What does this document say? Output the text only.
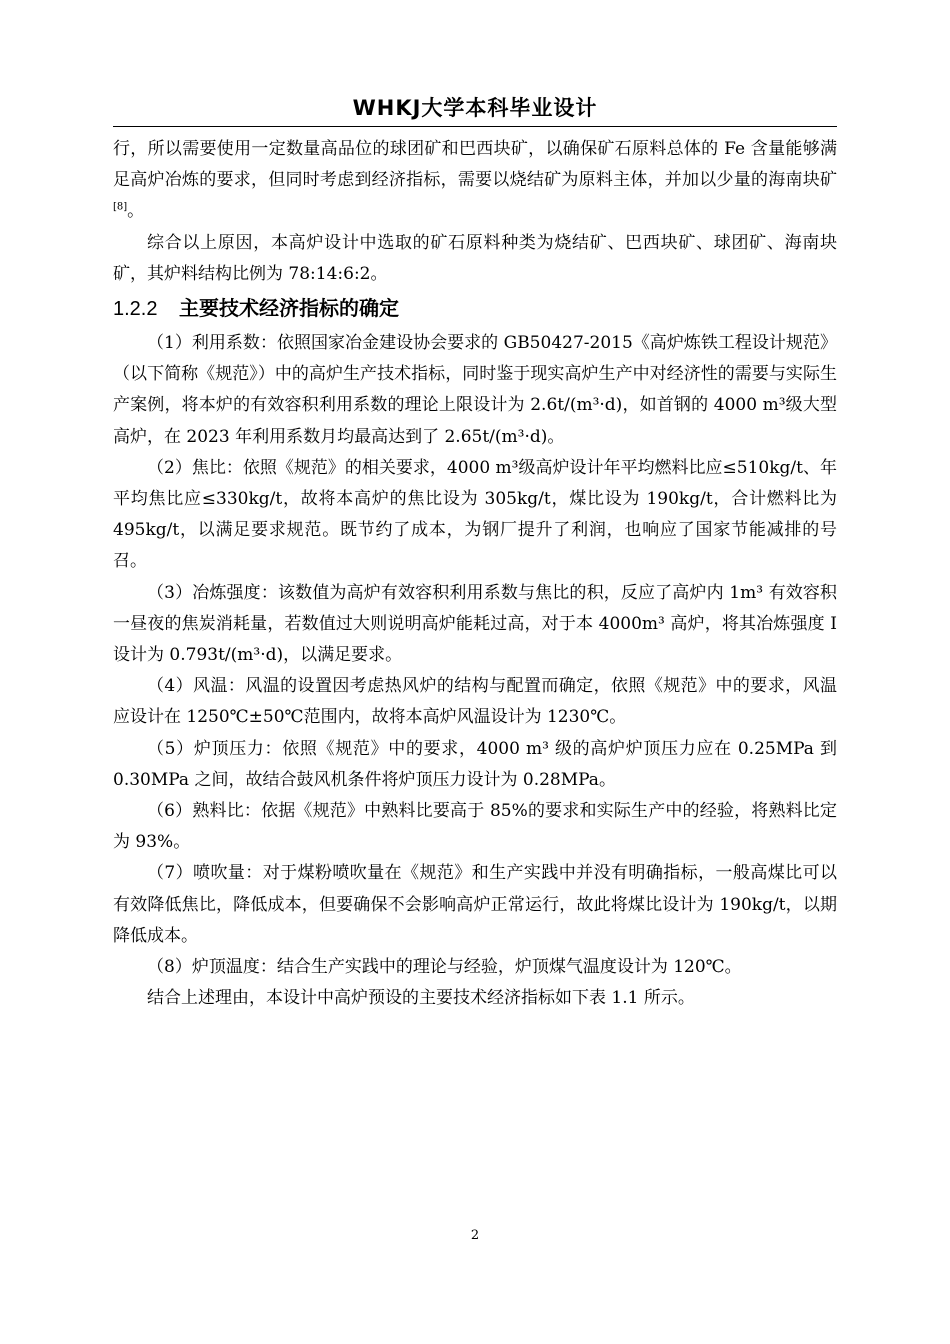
WHKJ大学本科毕业设计

行，所以需要使用一定数量高品位的球团矿和巴西块矿，以确保矿石原料总体的 Fe 含量能够满足高炉冶炼的要求，但同时考虑到经济指标，需要以烧结矿为原料主体，并加以少量的海南块矿[8]。

综合以上原因，本高炉设计中选取的矿石原料种类为烧结矿、巴西块矿、球团矿、海南块矿，其炉料结构比例为 78:14:6:2。

1.2.2 主要技术经济指标的确定

（1）利用系数：依照国家冶金建设协会要求的 GB50427-2015《高炉炼铁工程设计规范》（以下简称《规范》）中的高炉生产技术指标，同时鉴于现实高炉生产中对经济性的需要与实际生产案例，将本炉的有效容积利用系数的理论上限设计为 2.6t/(m³·d)，如首钢的 4000 m³级大型高炉，在 2023 年利用系数月均最高达到了 2.65t/(m³·d)。

（2）焦比：依照《规范》的相关要求，4000 m³级高炉设计年平均燃料比应≤510kg/t、年平均焦比应≤330kg/t，故将本高炉的焦比设为 305kg/t，煤比设为 190kg/t，合计燃料比为 495kg/t，以满足要求规范。既节约了成本，为钢厂提升了利润，也响应了国家节能减排的号召。

（3）冶炼强度：该数值为高炉有效容积利用系数与焦比的积，反应了高炉内 1m³ 有效容积一昼夜的焦炭消耗量，若数值过大则说明高炉能耗过高，对于本 4000m³ 高炉，将其冶炼强度 I 设计为 0.793t/(m³·d)，以满足要求。

（4）风温：风温的设置因考虑热风炉的结构与配置而确定，依照《规范》中的要求，风温应设计在 1250℃±50℃范围内，故将本高炉风温设计为 1230℃。

（5）炉顶压力：依照《规范》中的要求，4000 m³ 级的高炉炉顶压力应在 0.25MPa 到 0.30MPa 之间，故结合鼓风机条件将炉顶压力设计为 0.28MPa。

（6）熟料比：依据《规范》中熟料比要高于 85%的要求和实际生产中的经验，将熟料比定为 93%。

（7）喷吹量：对于煤粉喷吹量在《规范》和生产实践中并没有明确指标，一般高煤比可以有效降低焦比，降低成本，但要确保不会影响高炉正常运行，故此将煤比设计为 190kg/t，以期降低成本。

（8）炉顶温度：结合生产实践中的理论与经验，炉顶煤气温度设计为 120℃。

结合上述理由，本设计中高炉预设的主要技术经济指标如下表 1.1 所示。

2
